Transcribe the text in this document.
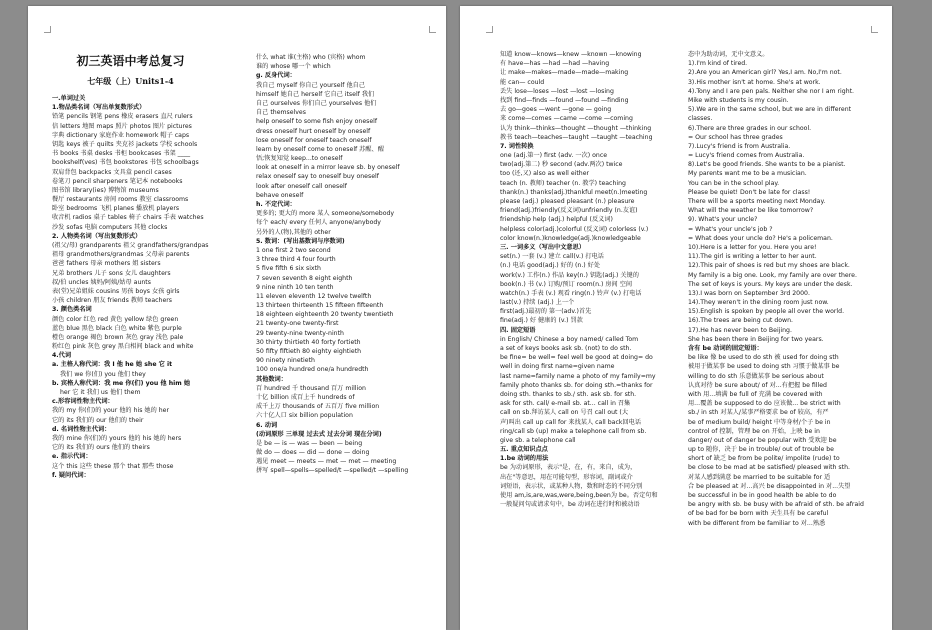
初三英语中考总复习
七年级（上）Units1-4
一.单词过关
1.物品类名词（写出单复数形式）
铅笔 pencils 钢笔 pens 橡皮 erasers 直尺 rulers
信 letters 地图 maps 照片 photos 图片 pictures
字典 dictionary 家庭作业 homework 帽子 caps
钥匙 keys 被子 quilts 夹克衫 jackets 学校 schools
书 books 书桌 desks 书柜 bookcases 书架 ____
bookshelf(ves) 书包 bookstores 书包 schoolbags
双肩背包 backpacks 文具盒 pencil cases
卷笔刀 pencil sharpeners 笔记本 notebooks
图书馆 library(ies) 博物馆 museums
餐厅 restaurants 房间 rooms 教室 classrooms
卧室 bedrooms 飞机 planes 播放机 players
收音机 radios 桌子 tables 椅子 chairs 手表 watches
沙发 sofas 电脑 computers 其他 clocks
2. 人物类名词（写出复数形式）
(祖父/母) grandparents 祖父 grandfathers/grandpas
祖母 grandmothers/grandmas 父母亲 parents
爸爸 fathers 母亲 mothers 姐 sisters
兄弟 brothers 儿子 sons 女儿 daughters
叔/伯 uncles 姨妈/阿姨/姑母 aunts
表(堂)兄弟姐妹 cousins 男孩 boys 女孩 girls
小孩 children 朋友 friends 教师 teachers
3. 颜色类名词
颜色 color 红色 red 黄色 yellow 绿色 green
蓝色 blue 黑色 black 白色 white 紫色 purple
橙色 orange 褐色 brown 灰色 gray 浅色 pale
粉红色 pink 灰色 grey 黑白相间 black and white
4.代词
a. 主格人称代词：我 I 他 he 她 she 它 it
我们 we 你(们) you 他们 they
b. 宾格人称代词：我 me 你(们) you 他 him 她
her 它 it 我们 us 他们 them
c.形容词性物主代词：
我的 my 你(们)的 your 他的 his 她的 her
它的 its 我们的 our 他们的 their
d. 名词性物主代词：
我的 mine 你(们)的 yours 他的 his 她的 hers
它的 its 我们的 ours 他们的 theirs
e. 指示代词：
这个 this 这些 these 那个 that 那些 those
f. 疑问代词：
什么 what 谁(主格) who (宾格) whom
谁的 whose 哪一个 which
g. 反身代词：
我自己 myself 你自己 yourself 他自己
himself 她自己 herself 它自己 itself 我们
自己 ourselves 你们自己 yourselves 他们
自己 themselves
help oneself to some fish enjoy oneself
dress oneself hurt oneself by oneself
lose oneself for oneself teach oneself
learn by oneself come to oneself 苏醒、醒
悟;恢复知觉 keep...to oneself
look at oneself in a mirror leave sb. by oneself
relax oneself say to oneself buy oneself
look after oneself call oneself
behave oneself
h. 不定代词：
更多的; 更大的 more 某人 someone/somebody
每个 each/ every 任何人 anyone/anybody
另外的人(物),其他的 other
5. 数词：(写出基数词与序数词)
1 one first 2 two second
3 three third 4 four fourth
5 five fifth 6 six sixth
7 seven seventh 8 eight eighth
9 nine ninth 10 ten tenth
11 eleven eleventh 12 twelve twelfth
13 thirteen thirteenth 15 fifteen fifteenth
18 eighteen eighteenth 20 twenty twentieth
21 twenty-one twenty-first
29 twenty-nine twenty-ninth
30 thirty thirtieth 40 forty fortieth
50 fifty fiftieth 80 eighty eightieth
90 ninety ninetieth
100 one/a hundred one/a hundredth
其他数词：
百 hundred 千 thousand 百万 million
十亿 billion 成百上千 hundreds of
成千上万 thousands of 五百万 five million
六十亿人口 six billion population
6. 动词
(动词原形 三单现 过去式 过去分词 现在分词)
是 be — is — was — been — being
做 do — does — did — done — doing
遇见 meet — meets — met — met — meeting
拼写 spell—spells—spelled/t —spelled/t —spelling
知道 know—knows—knew —known —knowing
有 have—has —had —had —having
让 make—makes—made—made—making
能 can— could
丢失 lose—loses —lost —lost —losing
找到 find—finds —found —found —finding
去 go—goes —went —gone — going
来 come—comes —came —come —coming
认为 think—thinks—thought —thought —thinking
教书 teach—teaches—taught —taught —teaching
7. 词性转换
one (adj.第一) first (adv. 一次) once
two(adj.第二) 秒 second (adv.两次) twice
too (还,又) also as well either
teach (n. 教师) teacher (n. 教学) teaching
thank(n.) thanks(adj.)thankful meet(n.)meeting
please (adj.) pleased pleasant (n.) pleasure
friend(adj.)friendly(反义词)unfriendly (n.友谊)
friendship help (adj.) helpful (反义词)
helpless color(adj.)colorful (反义词) colorless (v.)
color know(n.)knowledge(adj.)knowledgeable
三. 一词多义（写出中文意思）
set(n.) 一套 (v.) 建立 call(v.) 打电话
(n.) 电话 good(adj.) 好的 (n.) 好处
work(v.) 工作(n.) 作品 key(n.) 钥匙(adj.) 关键的
book(n.) 书 (v.) 订购/预订 room(n.) 房间 空间
watch(n.) 手表 (v.) 观看 ring(n.) 铃声 (v.) 打电话
last(v.) 持续 (adj.) 上一个
first(adj.)最初的 第一(adv.)首先
fine(adj.) 好 健康的 (v.) 罚款
四. 固定短语
in English/ Chinese a boy named/ called Tom
a set of keys books ask sb. (not) to do sth.
be fine= be well= feel well be good at doing= do
well in doing first name=given name
last name=family name a photo of my family=my
family photo thanks sb. for doing sth.=thanks for
doing sth. thanks to sb./ sth. ask sb. for sth.
ask for sth. call/ e-mail sb. at... call in 召集
call on sb.拜访某人 call on 号召 call out (大
声)叫出 call up call for 来找某人 call back回电话
ring/call sb (up) make a telephone call from sb.
give sb. a telephone call
五. 重点知识点点
1.be 动词的用法
be 为动词原形，表示"是，在，有，来自，成为，
出在"等意思，用在可能句型，形容词，副词或介
词短语，表示状，或某种人物，数和时态的不同分别
使用 am,is,are,was,were,being,been为 be。否定句和
一般疑问句或请求句中，be 动词在进行时和被动语
态中为助动词，无中文意义。
1).I'm kind of tired.
2).Are you an American girl? Yes,I am. No,I'm not.
3).His mother isn't at home. She's at work.
4).Tony and I are pen pals. Neither she nor I am right.
Mike with students is my cousin.
5).We are in the same school, but we are in different
classes.
6).There are three grades in our school.
= Our school has three grades
7).Lucy's friend is from Australia.
= Lucy's friend comes from Australia.
8).Let's be good friends. She wants to be a pianist.
My parents want me to be a musician.
You can be in the school play.
Please be quiet! Don't be late for class!
There will be a sports meeting next Monday.
What will the weather be like tomorrow?
9). What's your uncle?
= What's your uncle's job ?
= What does your uncle do? He's a policeman.
10).Here is a letter for you. Here you are!
11).The girl is writing a letter to her aunt.
12).This pair of shoes is red but my shoes are black.
My family is a big one. Look, my family are over there.
The set of keys is yours. My keys are under the desk.
13).I was born on September 3rd 2000.
14).They weren't in the dining room just now.
15).English is spoken by people all over the world.
16).The trees are being cut down.
17).He has never been to Beijing.
She has been there in Beijing for two years.
含有 be 动词的固定短语：
be like 像 be used to do sth 被 used for doing sth
被用于做某事 be used to doing sth 习惯于做某事 be
willing to do sth 乐意做某事 be serious about
认真对待 be sure about/ of 对...有把握 be filled
with 用...填满 be full of 充满 be covered with
用...覆盖 be supposed to do 应该做... be strict with
sb./ in sth 对某人/某事严格要求 be of 较高，有严
be of medium build/ height 中等身材/个子 be in
control of 控制，管理 be on 开始，上映 be in
danger/ out of danger be popular with 受欢迎 be
up to 随你，决于 be in trouble/ out of trouble be
short of 缺乏 be from be polite/ impolite (rude) to
be close to be mad at be satisfied/ pleased with sth.
对某人感到满意 be married to be suitable for 适
合 be pleased at 对...高兴 be disappointed in 对...失望
be successful in be in good health be able to do
be angry with sb. be busy with be afraid of sth. be afraid
of be bad for be born with 天生具有 be careful
with be different from be familiar to 对...熟悉
